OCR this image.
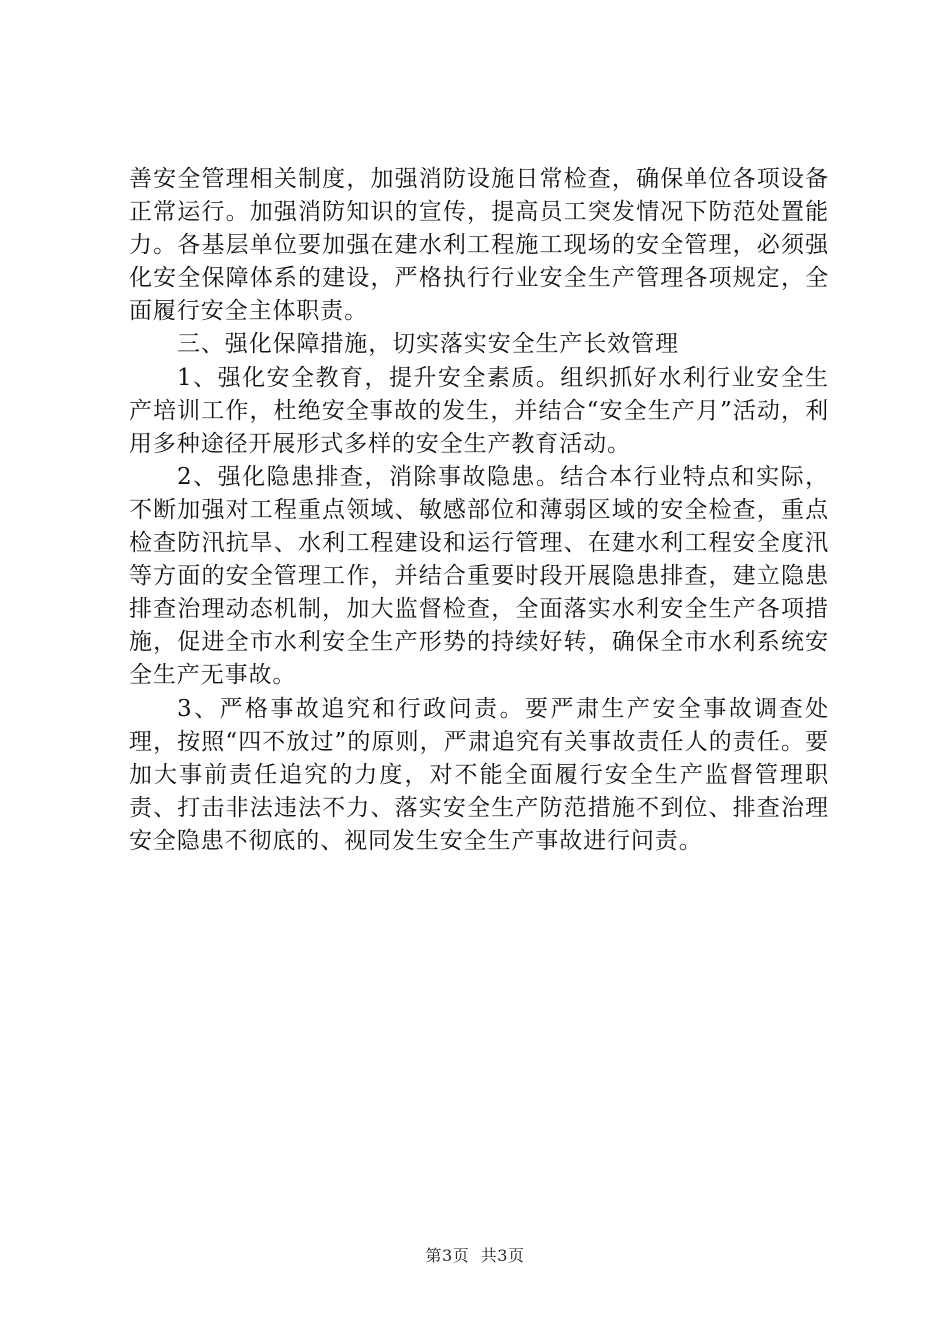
善安全管理相关制度，加强消防设施日常检查，确保单位各项设备正常运行。加强消防知识的宣传，提高员工突发情况下防范处置能力。各基层单位要加强在建水利工程施工现场的安全管理，必须强化安全保障体系的建设，严格执行行业安全生产管理各项规定，全面履行安全主体职责。

三、强化保障措施，切实落实安全生产长效管理

1、强化安全教育，提升安全素质。组织抓好水利行业安全生产培训工作，杜绝安全事故的发生，并结合“安全生产月”活动，利用多种途径开展形式多样的安全生产教育活动。

2、强化隐患排查，消除事故隐患。结合本行业特点和实际，不断加强对工程重点领域、敏感部位和薄弱区域的安全检查，重点检查防汛抗旱、水利工程建设和运行管理、在建水利工程安全度汛等方面的安全管理工作，并结合重要时段开展隐患排查，建立隐患排查治理动态机制，加大监督检查，全面落实水利安全生产各项措施，促进全市水利安全生产形势的持续好转，确保全市水利系统安全生产无事故。

3、严格事故追究和行政问责。要严肃生产安全事故调查处理，按照“四不放过”的原则，严肃追究有关事故责任人的责任。要加大事前责任追究的力度，对不能全面履行安全生产监督管理职责、打击非法违法不力、落实安全生产防范措施不到位、排查治理安全隐患不彻底的、视同发生安全生产事故进行问责。

第3页 共3页
